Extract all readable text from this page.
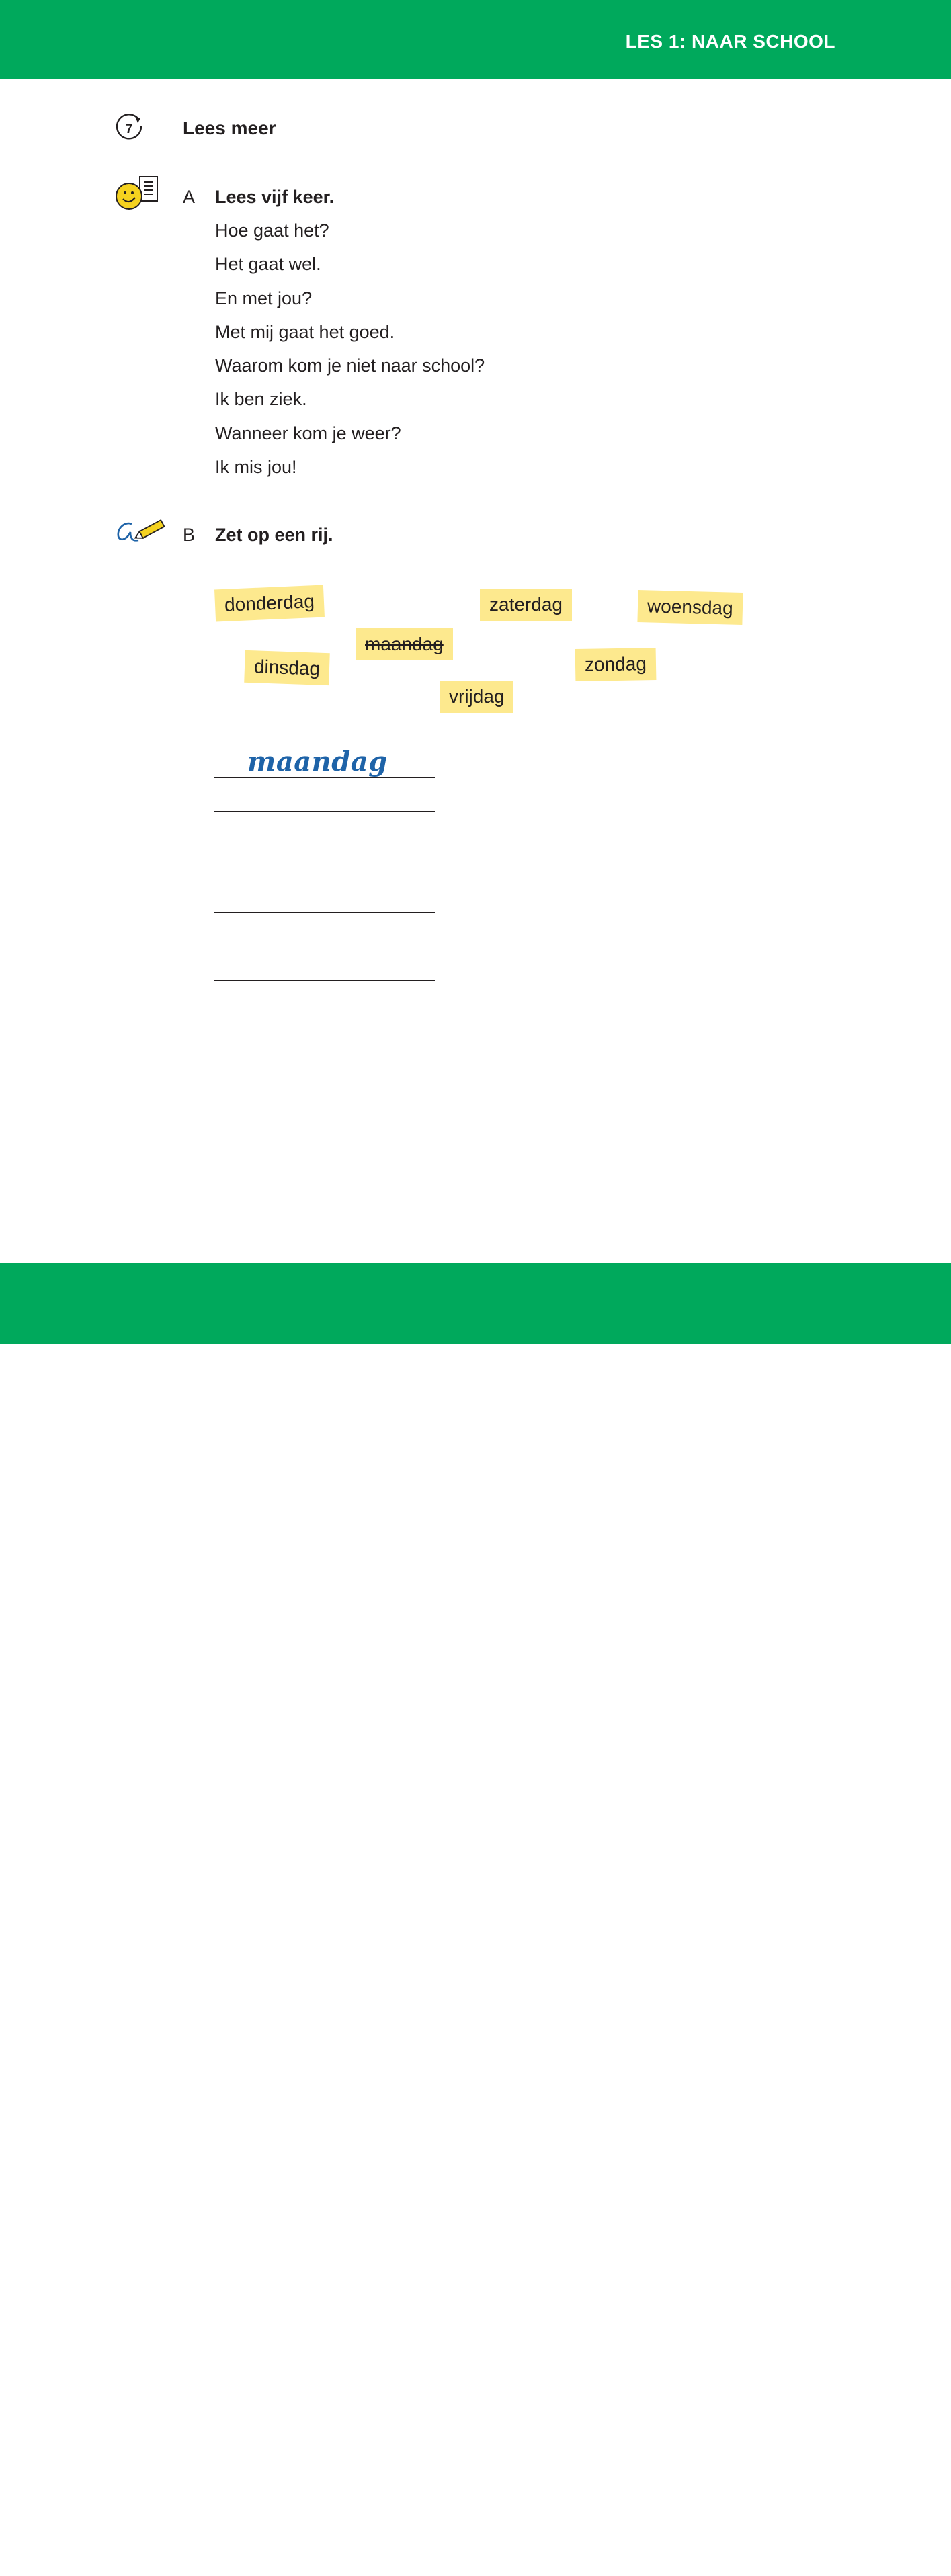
LES 1: NAAR SCHOOL
7	Lees meer
A Lees vijf keer.
Hoe gaat het?
Het gaat wel.
En met jou?
Met mij gaat het goed.
Waarom kom je niet naar school?
Ik ben ziek.
Wanneer kom je weer?
Ik mis jou!
B Zet op een rij.
donderdag	zaterdag	woensdag
maandag
dinsdag	zondag
vrijdag
maandag
11
